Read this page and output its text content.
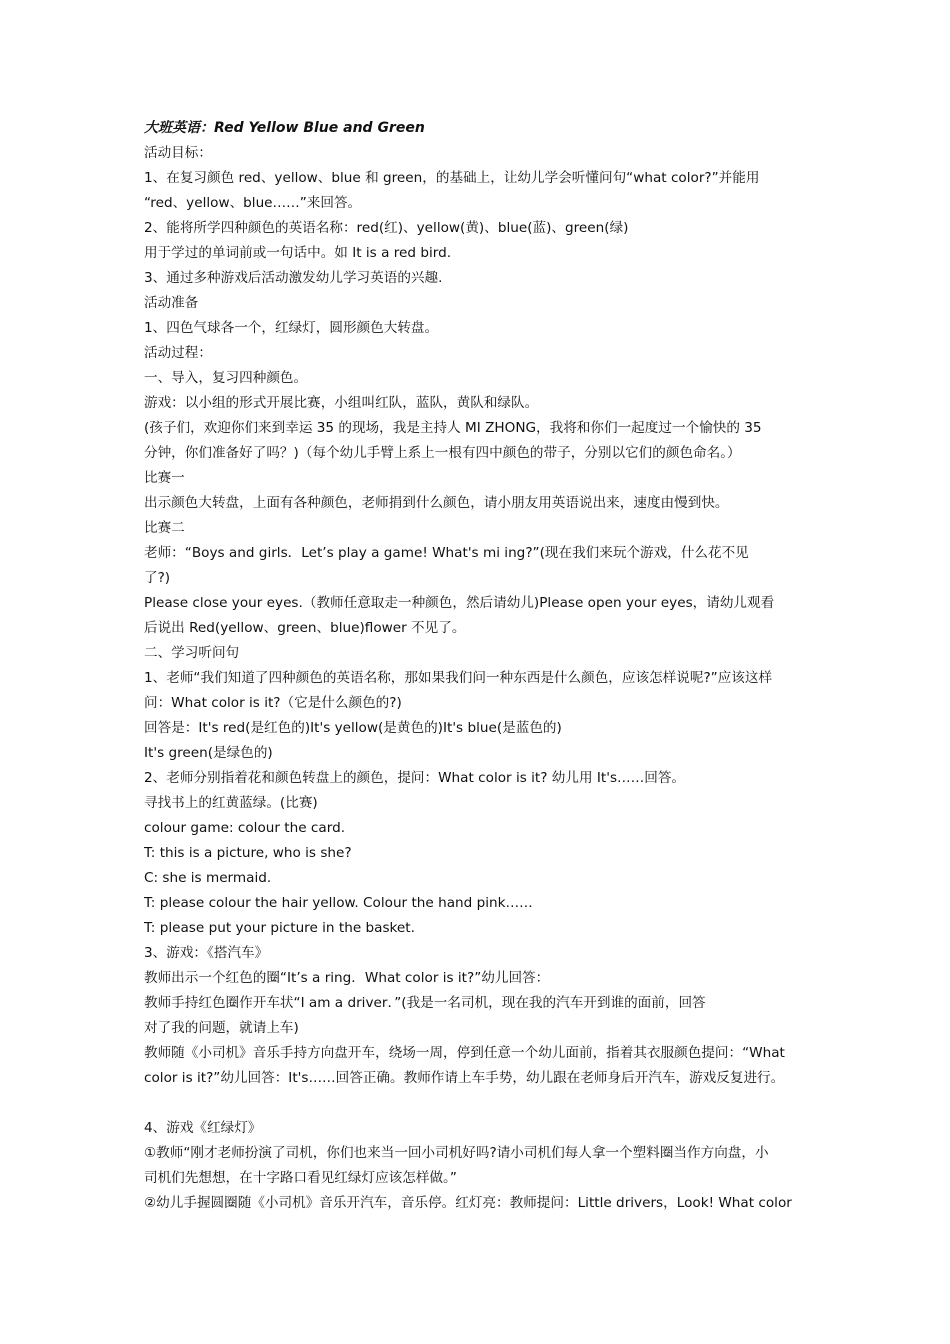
大班英语：Red Yellow Blue and Green

活动目标：

1、在复习颜色 red、yellow、blue 和 green，的基础上，让幼儿学会听懂问句“what color?”并能用

“red、yellow、blue……”来回答。

2、能将所学四种颜色的英语名称：red(红)、yellow(黄)、blue(蓝)、green(绿)

用于学过的单词前或一句话中。如 It is a red bird.

3、通过多种游戏后活动激发幼儿学习英语的兴趣.

活动准备

1、四色气球各一个，红绿灯，圆形颜色大转盘。

活动过程：

一、导入，复习四种颜色。

游戏：以小组的形式开展比赛，小组叫红队，蓝队，黄队和绿队。

(孩子们，欢迎你们来到幸运 35 的现场，我是主持人 MI ZHONG，我将和你们一起度过一个愉快的 35

分钟，你们准备好了吗？)（每个幼儿手臂上系上一根有四中颜色的带子，分别以它们的颜色命名。）

比赛一

出示颜色大转盘，上面有各种颜色，老师捐到什么颜色，请小朋友用英语说出来，速度由慢到快。

比赛二

老师：“Boys and girls．Let’s play a game! What's mi ing?”(现在我们来玩个游戏，什么花不见

了?)

Please close your eyes.（教师任意取走一种颜色，然后请幼儿)Please open your eyes，请幼儿观看

后说出 Red(yellow、green、blue)flower 不见了。

二、学习听问句

1、老师“我们知道了四种颜色的英语名称，那如果我们问一种东西是什么颜色，应该怎样说呢?”应该这样

问：What color is it?（它是什么颜色的?)

回答是：It's red(是红色的)It's yellow(是黄色的)It's blue(是蓝色的)

It's green(是绿色的)

2、老师分别指着花和颜色转盘上的颜色，提问：What color is it? 幼儿用 It's……回答。

寻找书上的红黄蓝绿。(比赛)

colour game: colour the card.

T: this is a picture, who is she?

C: she is mermaid.

T: please colour the hair yellow. Colour the hand pink……

T: please put your picture in the basket.

3、游戏：《搭汽车》

教师出示一个红色的圈“It’s a ring．What color is it?”幼儿回答：

教师手持红色圈作开车状“I am a driver．”(我是一名司机，现在我的汽车开到谁的面前，回答

对了我的问题，就请上车)

教师随《小司机》音乐手持方向盘开车，绕场一周，停到任意一个幼儿面前，指着其衣服颜色提问：“What

color is it?”幼儿回答：It's……回答正确。教师作请上车手势，幼儿跟在老师身后开汽车，游戏反复进行。

4、游戏《红绿灯》

①教师“刚才老师扮演了司机，你们也来当一回小司机好吗?请小司机们每人拿一个塑料圈当作方向盘，小

司机们先想想，在十字路口看见红绿灯应该怎样做。”

②幼儿手握圆圈随《小司机》音乐开汽车，音乐停。红灯亮：教师提问：Little drivers，Look! What color
